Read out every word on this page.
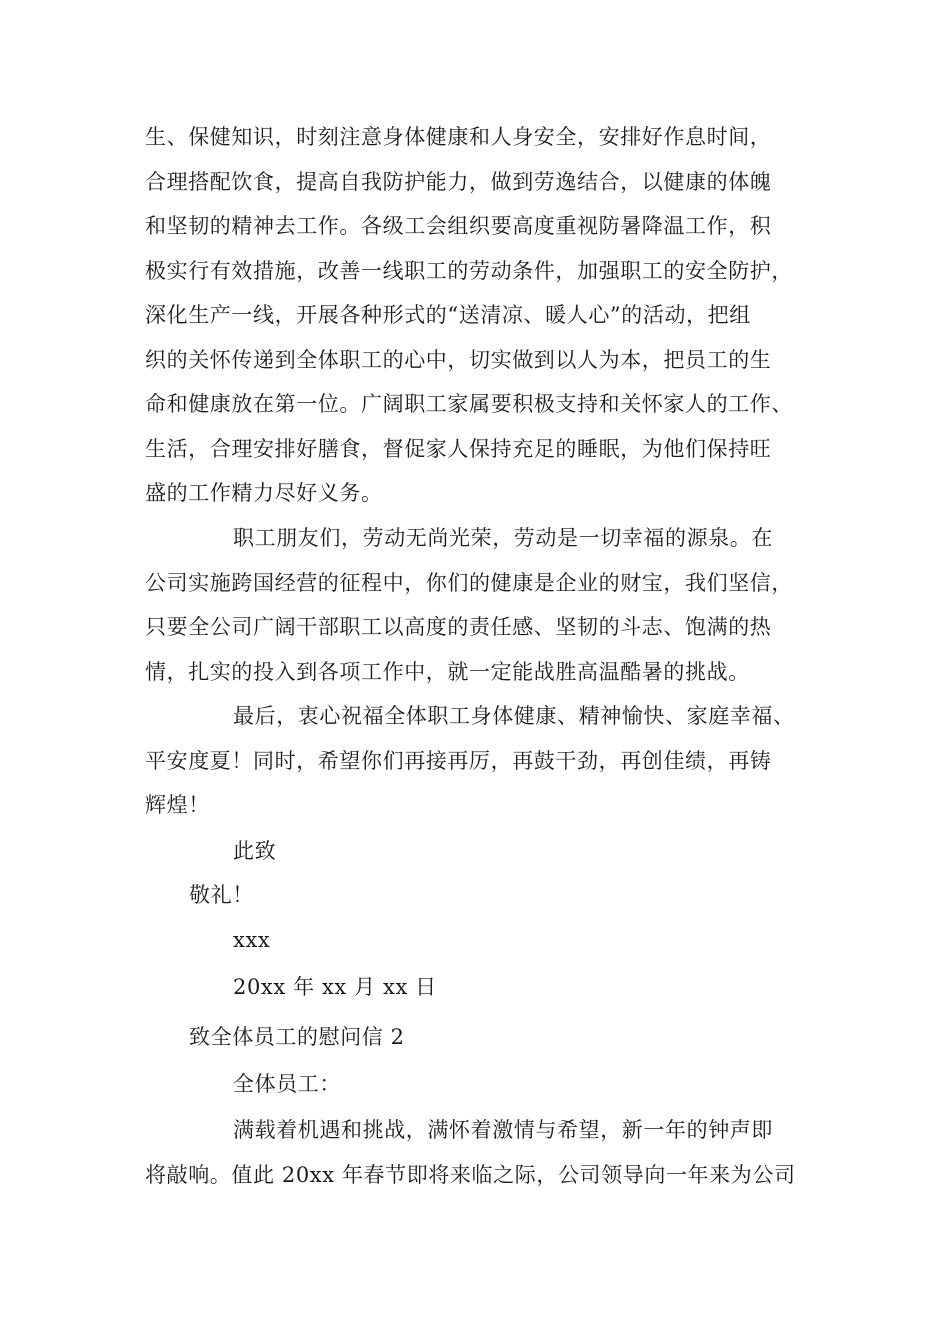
生、保健知识，时刻注意身体健康和人身安全，安排好作息时间，
合理搭配饮食，提高自我防护能力，做到劳逸结合，以健康的体魄
和坚韧的精神去工作。各级工会组织要高度重视防暑降温工作，积
极实行有效措施，改善一线职工的劳动条件，加强职工的安全防护，
深化生产一线，开展各种形式的“送清凉、暖人心”的活动，把组
织的关怀传递到全体职工的心中，切实做到以人为本，把员工的生
命和健康放在第一位。广阔职工家属要积极支持和关怀家人的工作、
生活，合理安排好膳食，督促家人保持充足的睡眠，为他们保持旺
盛的工作精力尽好义务。
职工朋友们，劳动无尚光荣，劳动是一切幸福的源泉。在
公司实施跨国经营的征程中，你们的健康是企业的财宝，我们坚信，
只要全公司广阔干部职工以高度的责任感、坚韧的斗志、饱满的热
情，扎实的投入到各项工作中，就一定能战胜高温酷暑的挑战。
最后，衷心祝福全体职工身体健康、精神愉快、家庭幸福、
平安度夏！同时，希望你们再接再厉，再鼓干劲，再创佳绩，再铸
辉煌！
此致
敬礼！
xxx
20xx 年 xx 月 xx 日
致全体员工的慰问信 2
全体员工：
满载着机遇和挑战，满怀着激情与希望，新一年的钟声即
将敲响。值此 20xx 年春节即将来临之际，公司领导向一年来为公司
